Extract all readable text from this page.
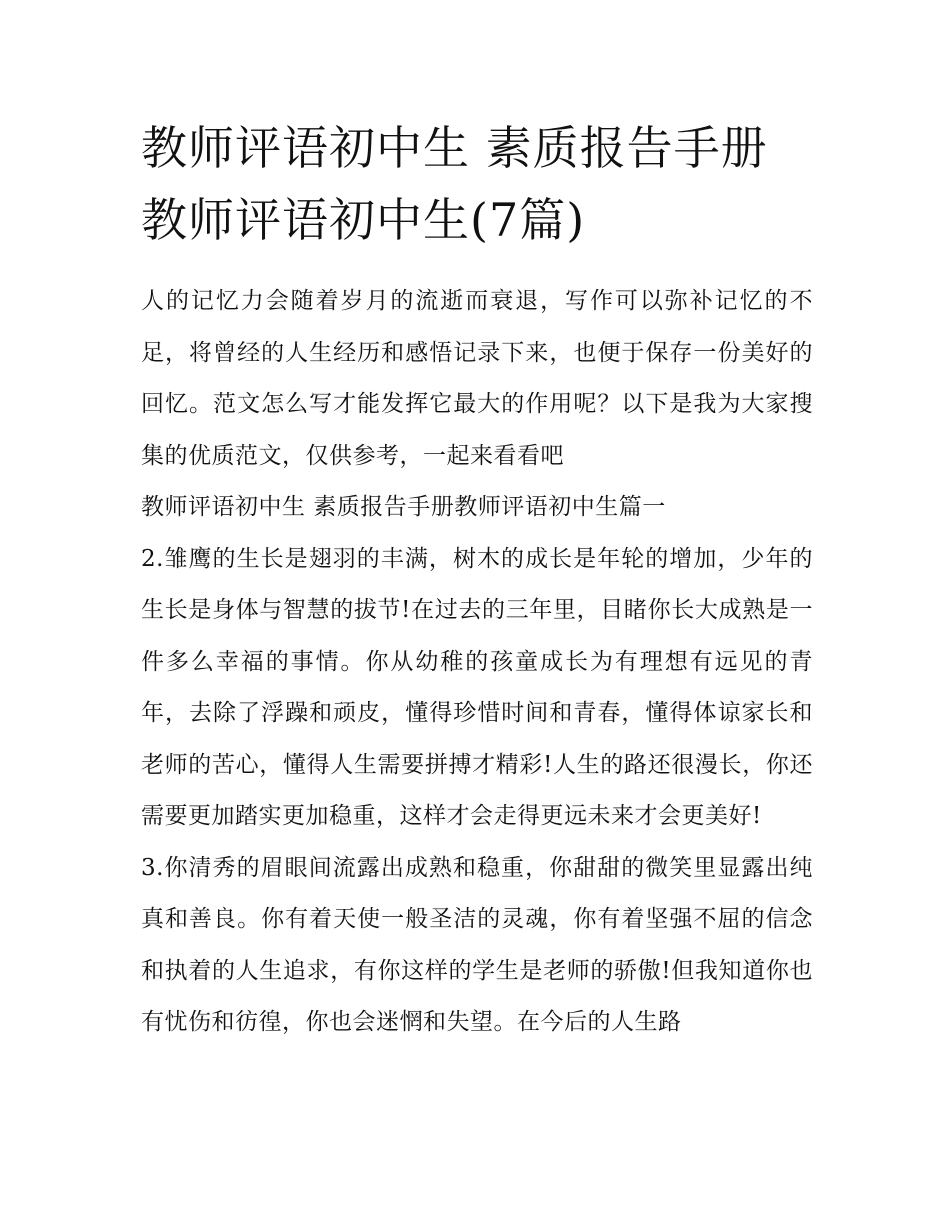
教师评语初中生 素质报告手册教师评语初中生(7篇)

人的记忆力会随着岁月的流逝而衰退，写作可以弥补记忆的不足，将曾经的人生经历和感悟记录下来，也便于保存一份美好的回忆。范文怎么写才能发挥它最大的作用呢？以下是我为大家搜集的优质范文，仅供参考，一起来看看吧

教师评语初中生 素质报告手册教师评语初中生篇一

2.雏鹰的生长是翅羽的丰满，树木的成长是年轮的增加，少年的生长是身体与智慧的拔节!在过去的三年里，目睹你长大成熟是一件多么幸福的事情。你从幼稚的孩童成长为有理想有远见的青年，去除了浮躁和顽皮，懂得珍惜时间和青春，懂得体谅家长和老师的苦心，懂得人生需要拼搏才精彩!人生的路还很漫长，你还需要更加踏实更加稳重，这样才会走得更远未来才会更美好!

3.你清秀的眉眼间流露出成熟和稳重，你甜甜的微笑里显露出纯真和善良。你有着天使一般圣洁的灵魂，你有着坚强不屈的信念和执着的人生追求，有你这样的学生是老师的骄傲!但我知道你也有忧伤和彷徨，你也会迷惘和失望。在今后的人生路
